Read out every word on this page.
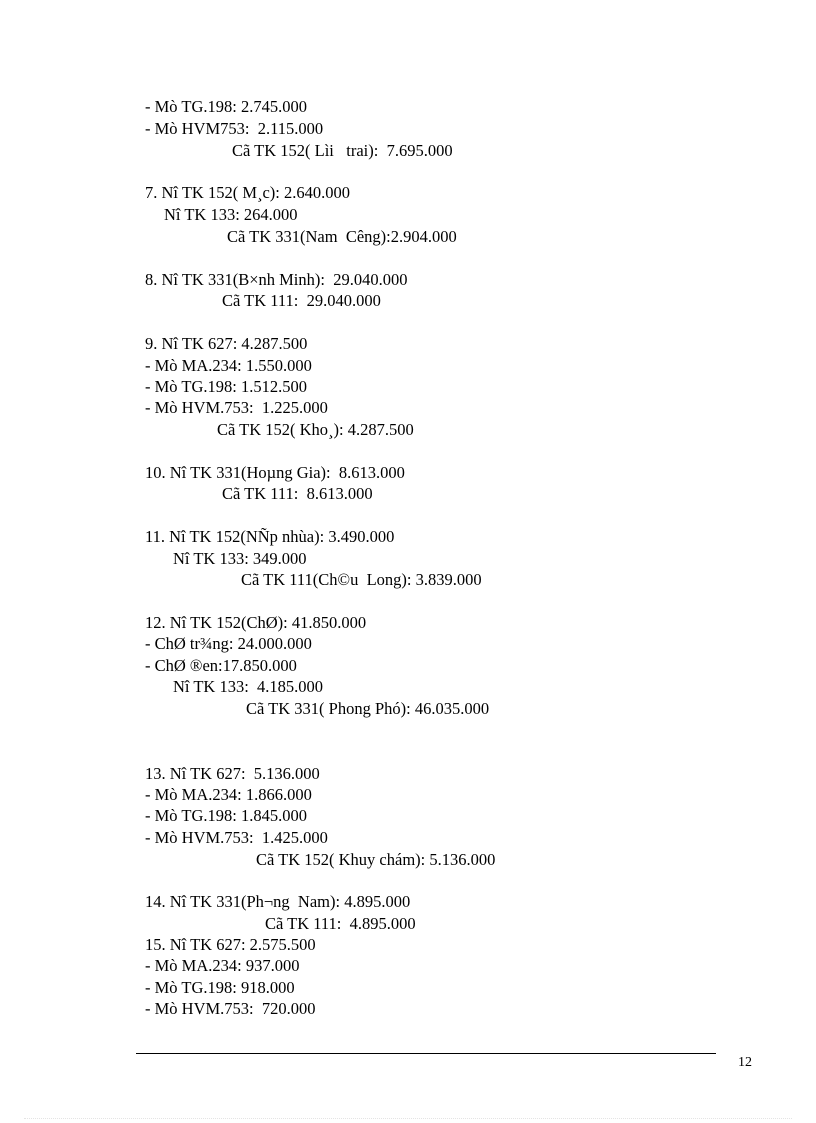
- Mò TG.198: 2.745.000
- Mò HVM753:  2.115.000
Cã TK 152( Lìi   trai):  7.695.000
7. Nî TK 152( M¸c): 2.640.000
Nî TK 133: 264.000
Cã TK 331(Nam  Cêng):2.904.000
8. Nî TK 331(B×nh Minh):  29.040.000
Cã TK 111:  29.040.000
9. Nî TK 627: 4.287.500
- Mò MA.234: 1.550.000
- Mò TG.198: 1.512.500
- Mò HVM.753:  1.225.000
Cã TK 152( Kho¸): 4.287.500
10. Nî TK 331(Hoµng Gia):  8.613.000
Cã TK 111:  8.613.000
11. Nî TK 152(NÑp nhùa): 3.490.000
Nî TK 133: 349.000
Cã TK 111(Ch©u  Long): 3.839.000
12. Nî TK 152(ChØ): 41.850.000
- ChØ tr¾ng: 24.000.000
- ChØ ®en:17.850.000
Nî TK 133:  4.185.000
Cã TK 331( Phong Phó): 46.035.000
13. Nî TK 627:  5.136.000
- Mò MA.234: 1.866.000
- Mò TG.198: 1.845.000
- Mò HVM.753:  1.425.000
Cã TK 152( Khuy chám): 5.136.000
14. Nî TK 331(Ph¬ng  Nam): 4.895.000
Cã TK 111:  4.895.000
15. Nî TK 627: 2.575.500
- Mò MA.234: 937.000
- Mò TG.198: 918.000
- Mò HVM.753:  720.000
12
